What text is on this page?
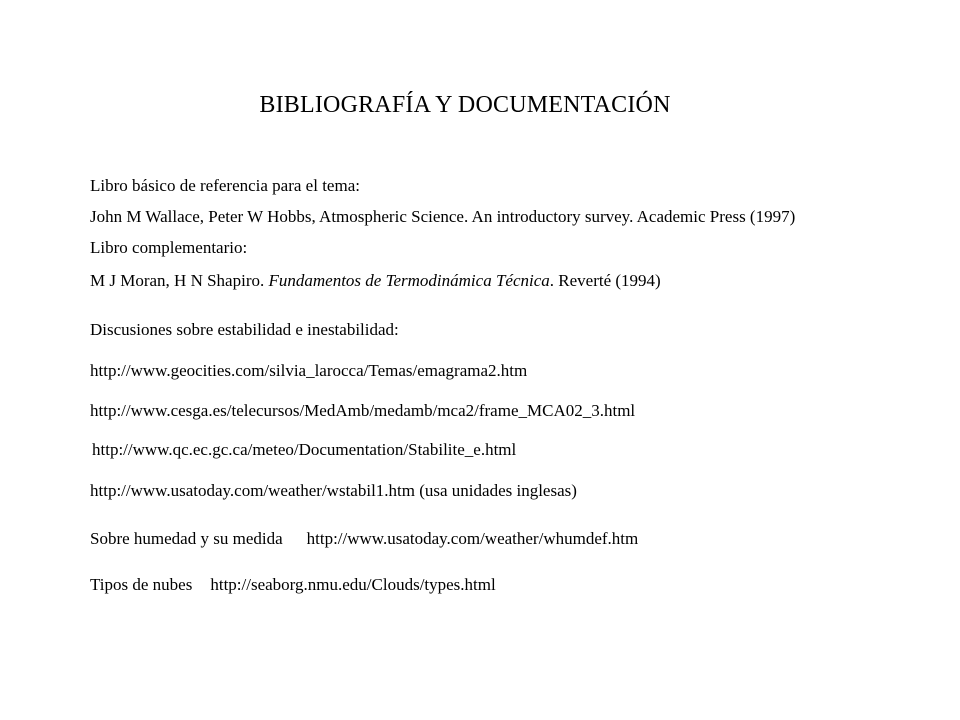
BIBLIOGRAFÍA Y DOCUMENTACIÓN
Libro básico de referencia para el tema:
John M Wallace, Peter W Hobbs, Atmospheric Science. An introductory survey. Academic Press (1997)
Libro complementario:
M J Moran, H N Shapiro. Fundamentos de Termodinámica Técnica. Reverté (1994)
Discusiones sobre estabilidad e inestabilidad:
http://www.geocities.com/silvia_larocca/Temas/emagrama2.htm
http://www.cesga.es/telecursos/MedAmb/medamb/mca2/frame_MCA02_3.html
http://www.qc.ec.gc.ca/meteo/Documentation/Stabilite_e.html
http://www.usatoday.com/weather/wstabil1.htm (usa unidades inglesas)
Sobre humedad y su medida http://www.usatoday.com/weather/whumdef.htm
Tipos de nubes http://seaborg.nmu.edu/Clouds/types.html
